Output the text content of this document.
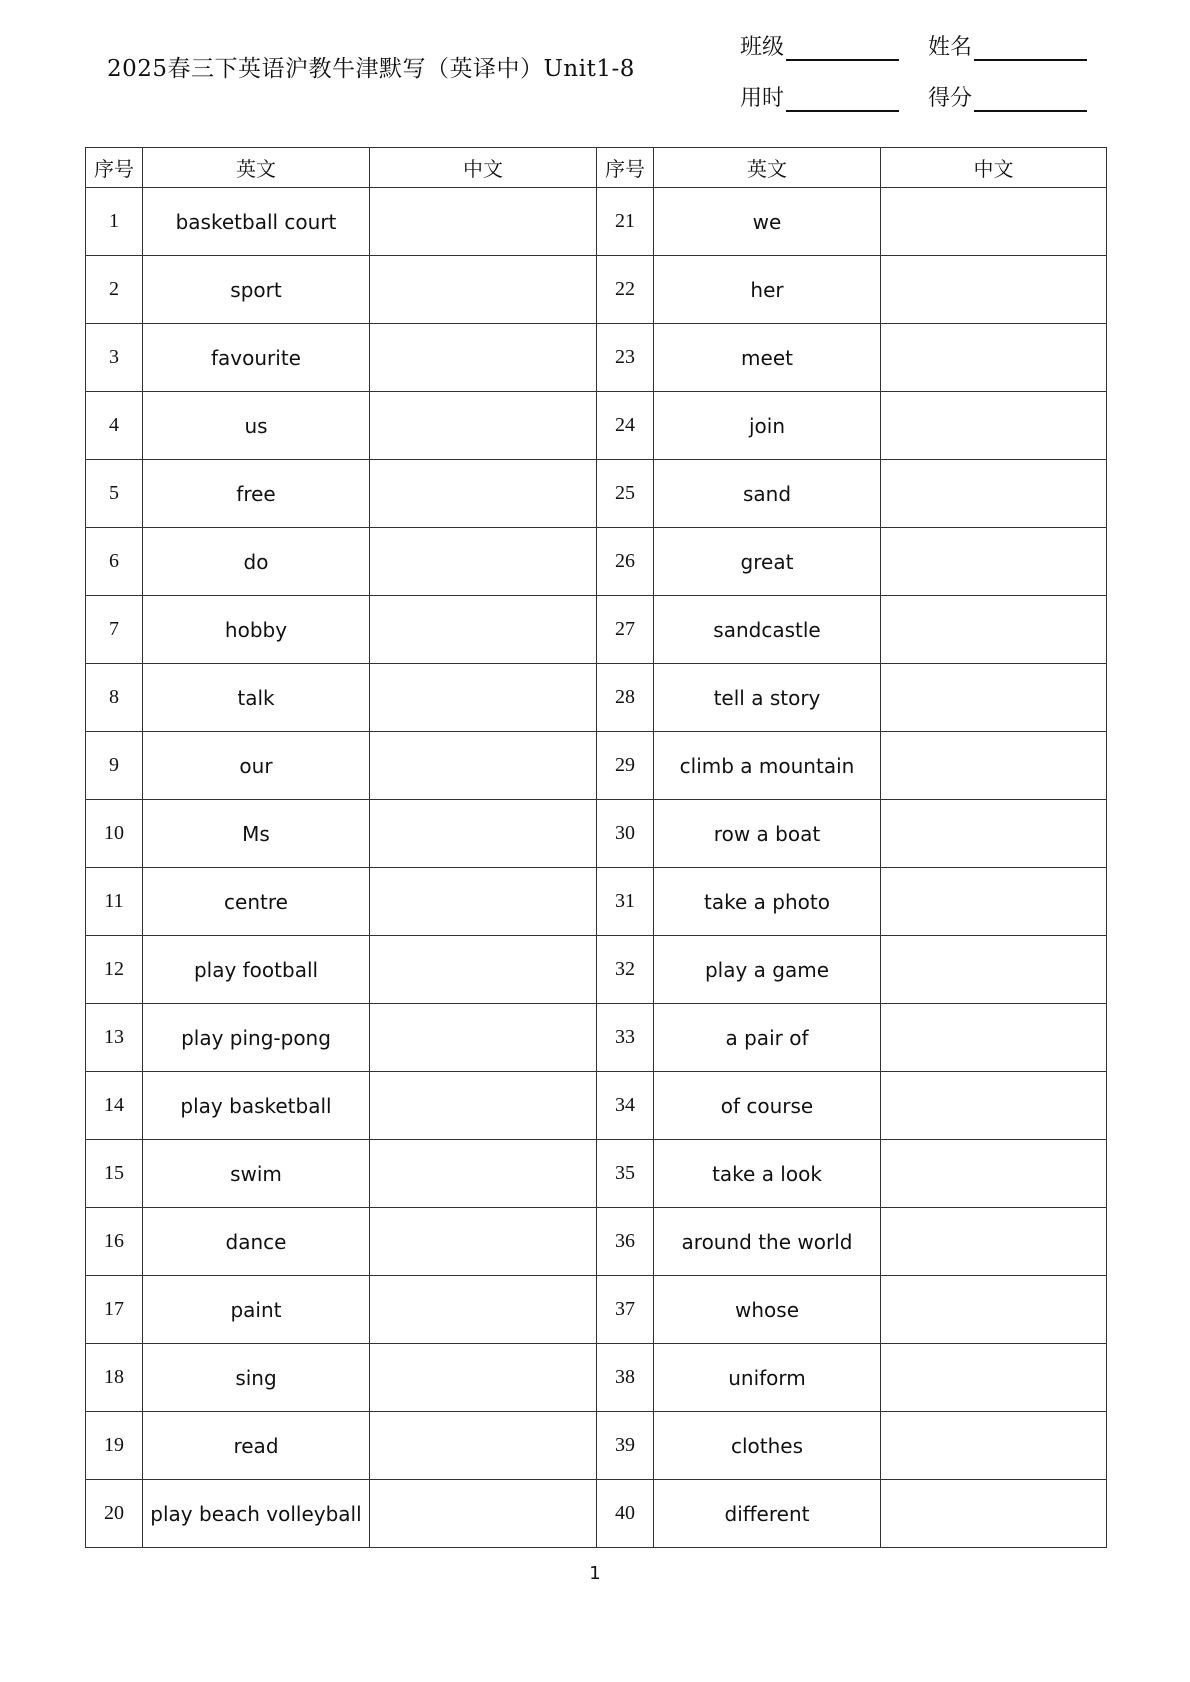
2025春三下英语沪教牛津默写（英译中）Unit1-8
班级	姓名
用时	得分
序号	英文	中文	序号	英文	中文
1	basketball court		21	we	
2	sport		22	her	
3	favourite		23	meet	
4	us		24	join	
5	free		25	sand	
6	do		26	great	
7	hobby		27	sandcastle	
8	talk		28	tell a story	
9	our		29	climb a mountain	
10	Ms		30	row a boat	
11	centre		31	take a photo	
12	play football		32	play a game	
13	play ping-pong		33	a pair of	
14	play basketball		34	of course	
15	swim		35	take a look	
16	dance		36	around the world	
17	paint		37	whose	
18	sing		38	uniform	
19	read		39	clothes	
20	play beach volleyball		40	different	
1
